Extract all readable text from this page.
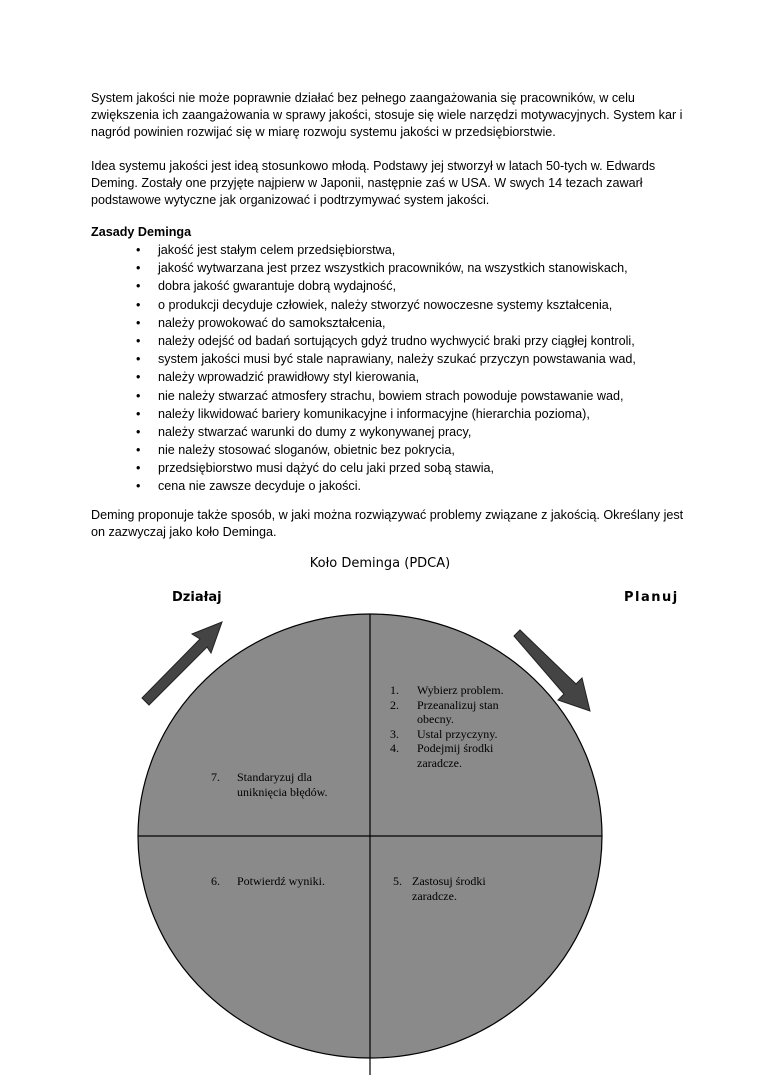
System jakości nie może poprawnie działać bez pełnego zaangażowania się pracowników, w celu zwiększenia ich zaangażowania w sprawy jakości, stosuje się wiele narzędzi motywacyjnych. System kar i nagród powinien rozwijać się w miarę rozwoju systemu jakości w przedsiębiorstwie.

Idea systemu jakości jest ideą stosunkowo młodą. Podstawy jej stworzył w latach 50-tych w. Edwards Deming. Zostały one przyjęte najpierw w Japonii, następnie zaś w USA. W swych 14 tezach zawarł podstawowe wytyczne jak organizować i podtrzymywać system jakości.

Zasady Deminga
• jakość jest stałym celem przedsiębiorstwa,
• jakość wytwarzana jest przez wszystkich pracowników, na wszystkich stanowiskach,
• dobra jakość gwarantuje dobrą wydajność,
• o produkcji decyduje człowiek, należy stworzyć nowoczesne systemy kształcenia,
• należy prowokować do samokształcenia,
• należy odejść od badań sortujących gdyż trudno wychwycić braki przy ciągłej kontroli,
• system jakości musi być stale naprawiany, należy szukać przyczyn powstawania wad,
• należy wprowadzić prawidłowy styl kierowania,
• nie należy stwarzać atmosfery strachu, bowiem strach powoduje powstawanie wad,
• należy likwidować bariery komunikacyjne i informacyjne (hierarchia pozioma),
• należy stwarzać warunki do dumy z wykonywanej pracy,
• nie należy stosować sloganów, obietnic bez pokrycia,
• przedsiębiorstwo musi dążyć do celu jaki przed sobą stawia,
• cena nie zawsze decyduje o jakości.

Deming proponuje także sposób, w jaki można rozwiązywać problemy związane z jakością. Określany jest on zazwyczaj jako koło Deminga.

Koło Deminga (PDCA)
Działaj	Planuj
1. Wybierz problem.
2. Przeanalizuj stan
obecny.
3. Ustal przyczyny.
4. Podejmij środki
zaradcze.
7. Standaryzuj dla
uniknięcia błędów.
6. Potwierdź wyniki.	5. Zastosuj środki
zaradcze.
